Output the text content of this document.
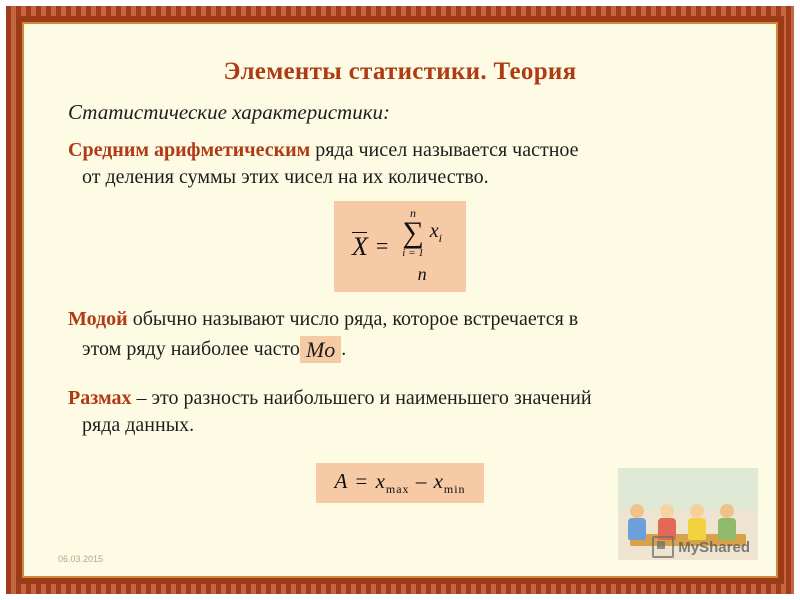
Элементы статистики. Теория
Статистические характеристики:
Средним арифметическим ряда чисел называется частное
от деления суммы этих чисел на их количество.
X =
n
∑
i = 1
$x_i$
n
Модой обычно называют число ряда, которое встречается в
этом ряду наиболее часто Mo .
Размах – это разность наибольшего и наименьшего значений
ряда данных.
$A = x_{max} - x_{min}$
06.03.2015
MyShared
